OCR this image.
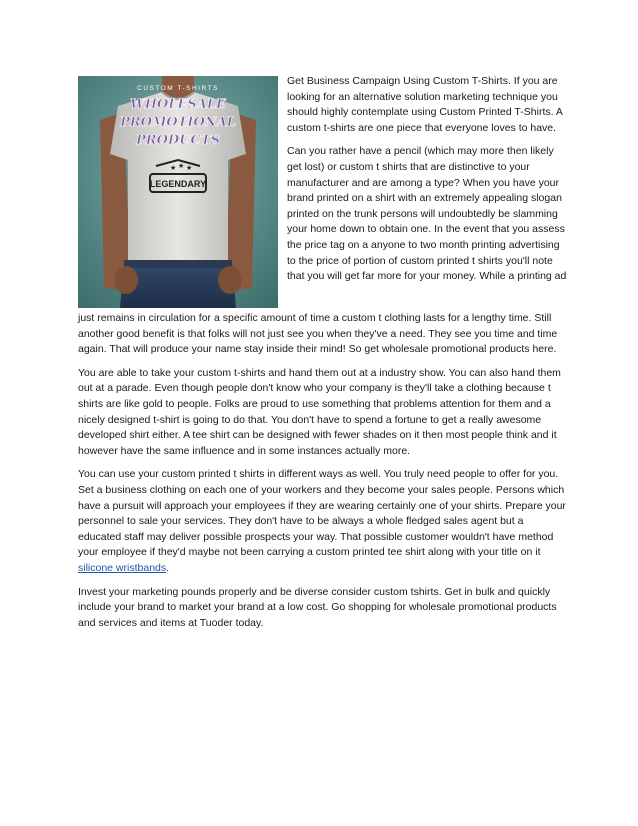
★ ★ ★
LEGENDARY
CUSTOM T-SHIRTS
WHOLESALE
PROMOTIONAL
PRODUCTS

Get Business Campaign Using Custom T-Shirts. If you are looking for an alternative solution marketing technique you should highly contemplate using Custom Printed T-Shirts. A custom t-shirts are one piece that everyone loves to have.

Can you rather have a pencil (which may more then likely get lost) or custom t shirts that are distinctive to your manufacturer and are among a type? When you have your brand printed on a shirt with an extremely appealing slogan printed on the trunk persons will undoubtedly be slamming your home down to obtain one. In the event that you assess the price tag on a anyone to two month printing advertising to the price of portion of custom printed t shirts you'll note that you will get far more for your money. While a printing ad

just remains in circulation for a specific amount of time a custom t clothing lasts for a lengthy time. Still another good benefit is that folks will not just see you when they've a need. They see you time and time again. That will produce your name stay inside their mind! So get wholesale promotional products here.

You are able to take your custom t-shirts and hand them out at a industry show. You can also hand them out at a parade. Even though people don't know who your company is they'll take a clothing because t shirts are like gold to people. Folks are proud to use something that problems attention for them and a nicely designed t-shirt is going to do that. You don't have to spend a fortune to get a really awesome developed shirt either. A tee shirt can be designed with fewer shades on it then most people think and it however have the same influence and in some instances actually more.

You can use your custom printed t shirts in different ways as well. You truly need people to offer for you. Set a business clothing on each one of your workers and they become your sales people. Persons which have a pursuit will approach your employees if they are wearing certainly one of your shirts. Prepare your personnel to sale your services. They don't have to be always a whole fledged sales agent but a educated staff may deliver possible prospects your way. That possible customer wouldn't have method your employee if they'd maybe not been carrying a custom printed tee shirt along with your title on it silicone wristbands.

Invest your marketing pounds properly and be diverse consider custom tshirts. Get in bulk and quickly include your brand to market your brand at a low cost. Go shopping for wholesale promotional products and services and items at Tuoder today.
